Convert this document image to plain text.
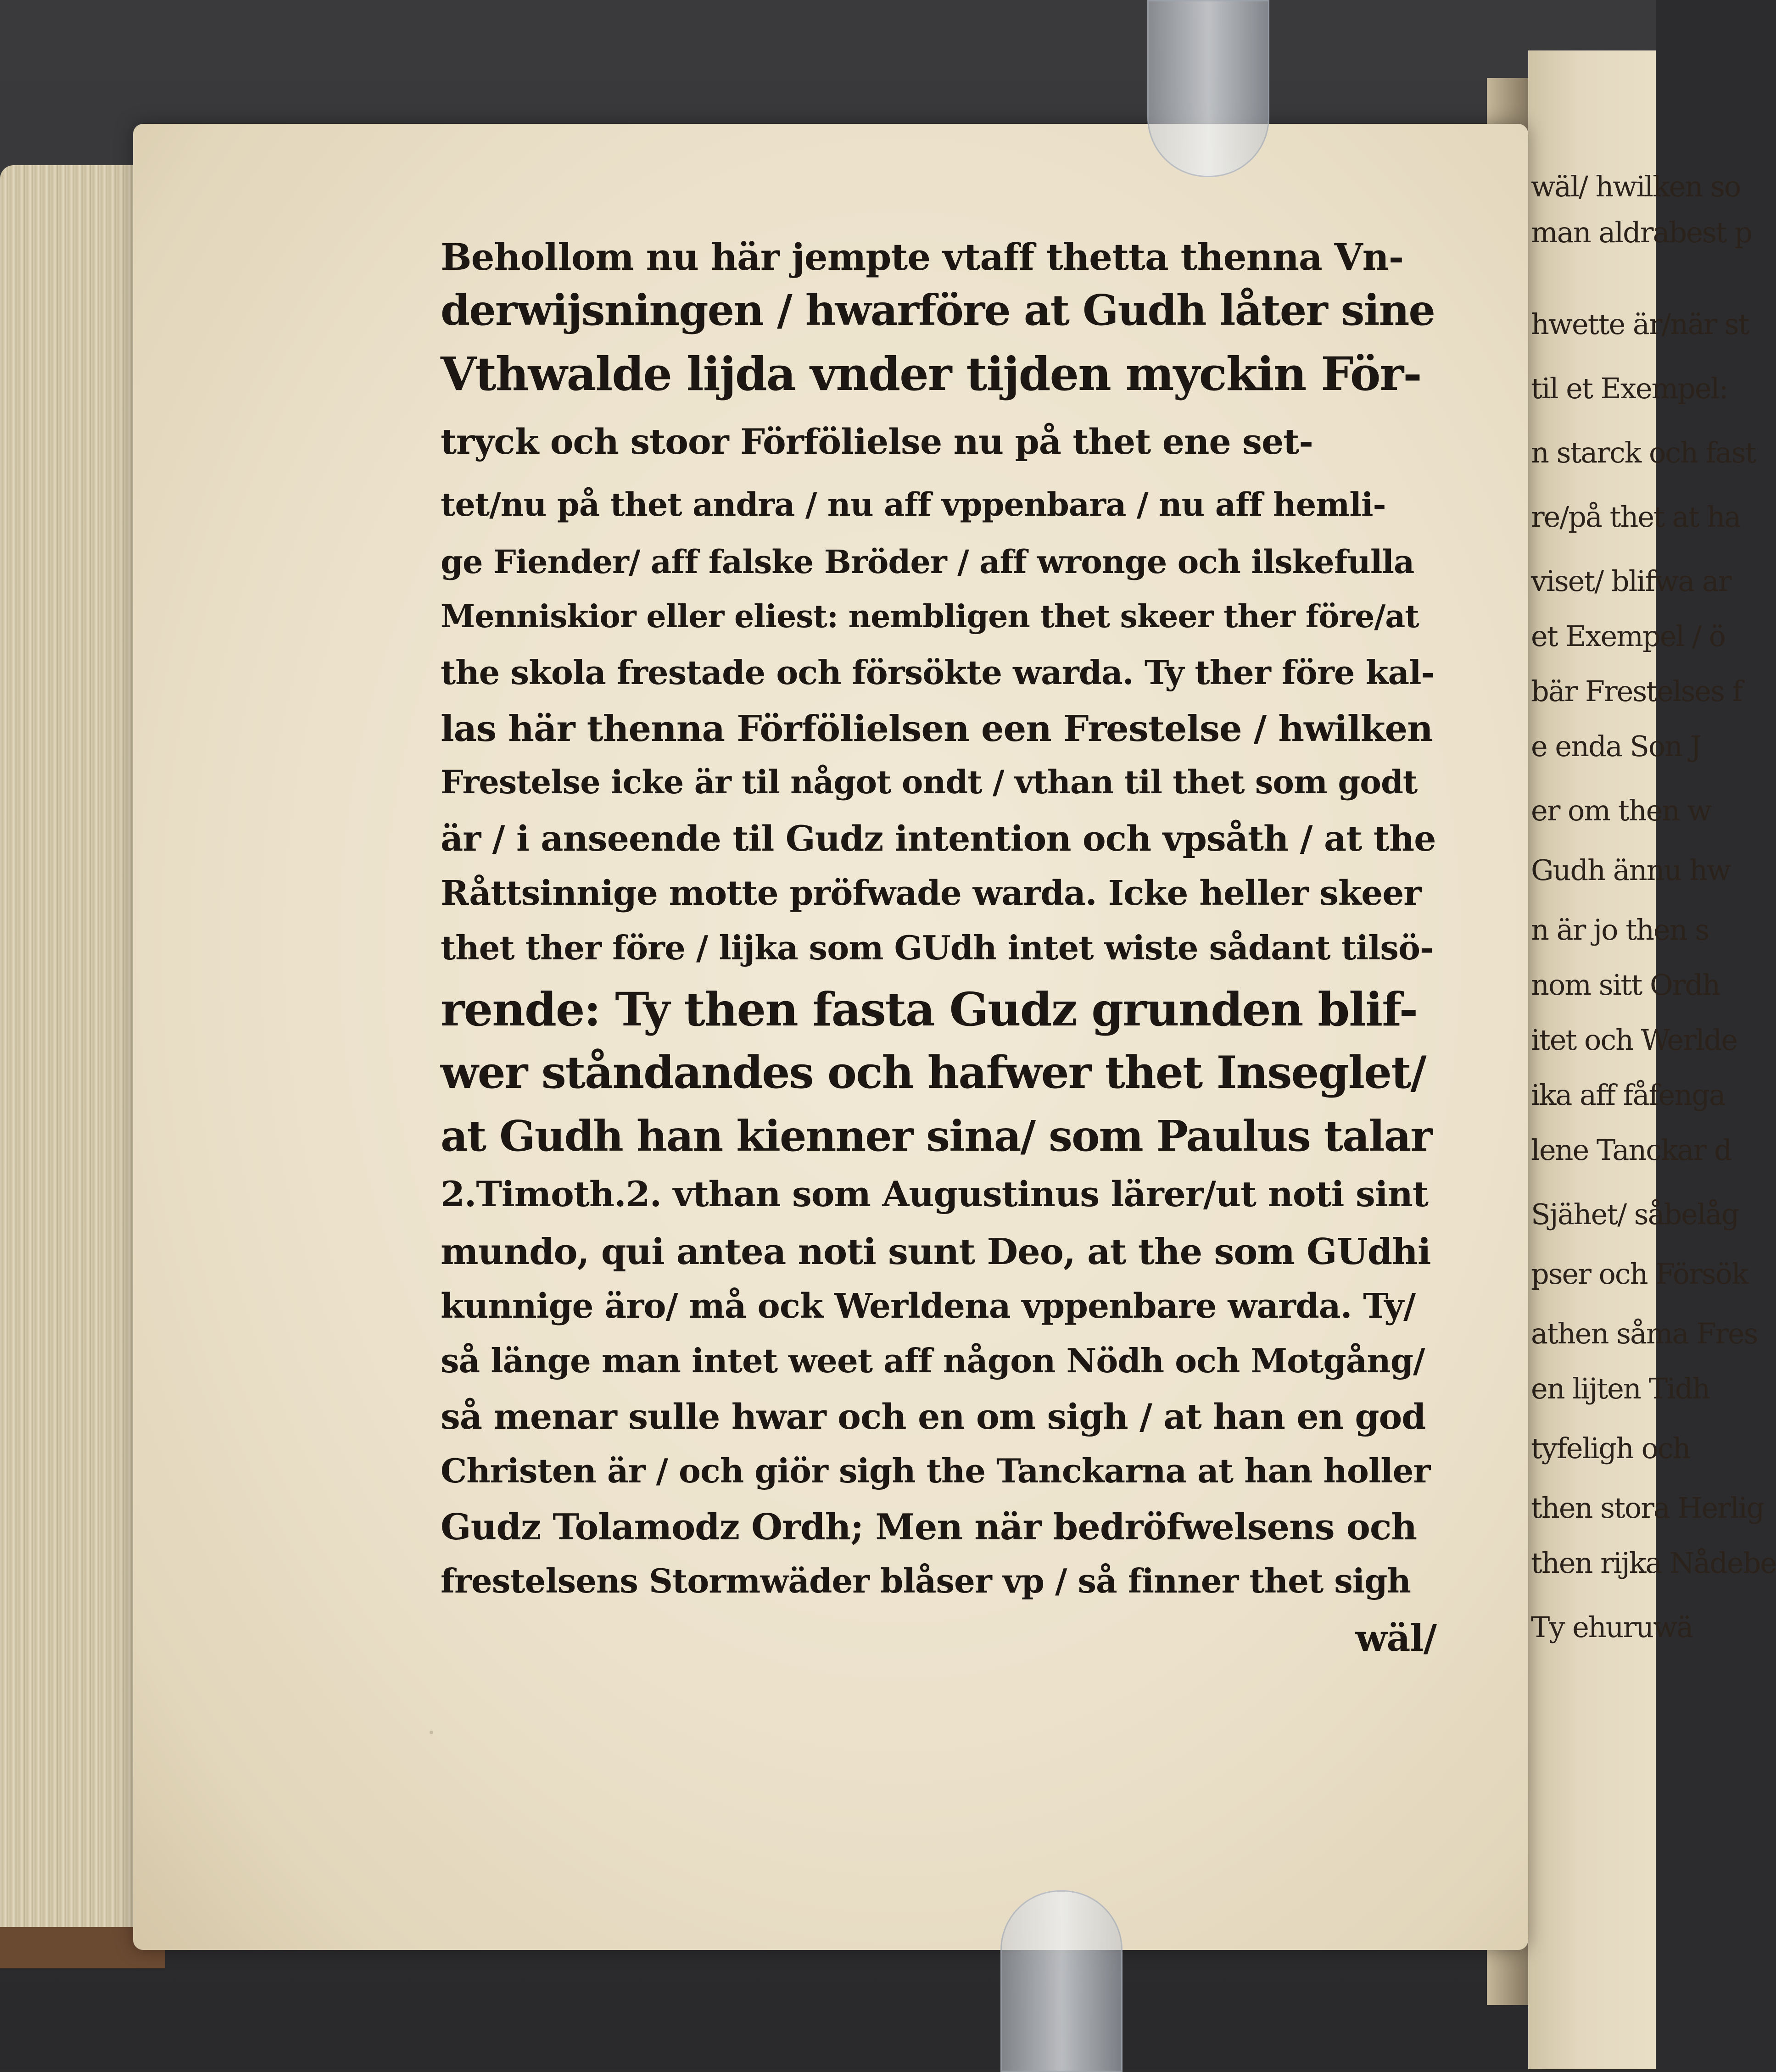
wäl/ hwilken so
man aldrabest p
hwette är/när st
til et Exempel:
n starck och fast
re/på thet at ha
viset/ blifwa ar
et Exempel / ö
bär Frestelses f
e enda Son J
er om then w
Gudh ännu hw
n är jo then s
nom sitt Ordh
itet och Werlde
ika aff fåfenga
lene Tanckar d
Sjähet/ såbelåg
pser och Försök
athen såma Fres
en lijten Tidh
tyfeligh och
then stora Herlig
then rijka Nådebe
Ty ehuruwä
·
Behollom nu här jempte vtaff thetta thenna Vn-
derwijsningen / hwarföre at Gudh låter sine
Vthwalde lijda vnder tijden myckin För-
tryck och stoor Förfölielse nu på thet ene set-
tet/nu på thet andra / nu aff vppenbara / nu aff hemli-
ge Fiender/ aff falske Bröder / aff wronge och ilskefulla
Menniskior eller eliest: nembligen thet skeer ther före/at
the skola frestade och försökte warda. Ty ther före kal-
las här thenna Förfölielsen een Frestelse / hwilken
Frestelse icke är til något ondt / vthan til thet som godt
är / i anseende til Gudz intention och vpsåth / at the
Råttsinnige motte pröfwade warda. Icke heller skeer
thet ther före / lijka som GUdh intet wiste sådant tilsö-
rende: Ty then fasta Gudz grunden blif-
wer ståndandes och hafwer thet Inseglet/
at Gudh han kienner sina/ som Paulus talar
2.Timoth.2. vthan som Augustinus lärer/ut noti sint
mundo, qui antea noti sunt Deo, at the som GUdhi
kunnige äro/ må ock Werldena vppenbare warda. Ty/
så länge man intet weet aff någon Nödh och Motgång/
så menar sulle hwar och en om sigh / at han en god
Christen är / och giör sigh the Tanckarna at han holler
Gudz Tolamodz Ordh; Men när bedröfwelsens och
frestelsens Stormwäder blåser vp / så finner thet sigh
wäl/
